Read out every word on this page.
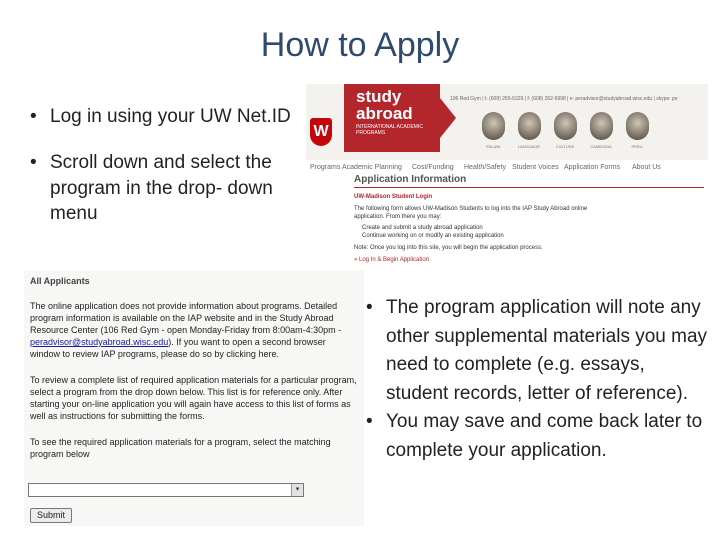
How to Apply
• Log in using your UW Net.ID
• Scroll down and select the program in the drop- down menu
W
study
abroad
INTERNATIONAL ACADEMIC PROGRAMS
106 Red Gym | t: (608) 265-6329 | f: (608) 262-6998 | e: peradvisor@studyabroad.wisc.edu | skype: pe
ITALIAN	LANGUAGE	CULTURE	CAMBODIA	PERU
Programs Academic Planning Cost/Funding Health/Safety Student Voices Application Forms About Us
Application Information
UW-Madison Student Login

The following form allows UW-Madison Students to log into the IAP Study Abroad online application. From there you may:

Create and submit a study abroad application

Continue working on or modify an existing application

Note: Once you log into this site, you will begin the application process.

» Log In & Begin Application

All Applicants

The online application does not provide information about programs. Detailed program information is available on the IAP website and in the Study Abroad Resource Center (106 Red Gym - open Monday-Friday from 8:00am-4:30pm - peradvisor@studyabroad.wisc.edu). If you want to open a second browser window to review IAP programs, please do so by clicking here.

To review a complete list of required application materials for a particular program, select a program from the drop down below. This list is for reference only. After starting your on-line application you will again have access to this list of forms as well as instructions for submitting the forms.

To see the required application materials for a program, select the matching program below

▾
Submit
• The program application will note any other supplemental materials you may need to complete (e.g. essays, student records, letter of reference).
• You may save and come back later to complete your application.
